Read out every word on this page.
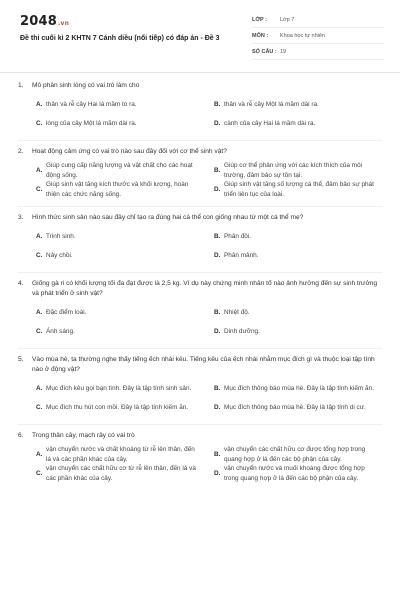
2048.vn
Đề thi cuối kì 2 KHTN 7 Cánh diều (nối tiếp) có đáp án - Đề 3
LỚP :	Lớp 7
MÔN :	Khoa học tự nhiên
SỐ CÂU : 19
1.	Mô phân sinh lóng có vai trò làm cho
A. thân và rễ cây Hai lá mầm to ra.	B. thân và rễ cây Một lá mầm dài ra.
C. lóng của cây Một lá mầm dài ra.	D. cành của cây Hai lá mầm dài ra.
2.	Hoạt động cảm ứng có vai trò nào sau đây đối với cơ thể sinh vật?
A.
Giúp cung cấp năng lượng và vật chất cho các hoạt động sống.
B.
Giúp cơ thể phản ứng với các kích thích của môi trường, đảm bảo sự tồn tại.
C.
Giúp sinh vật tăng kích thước và khối lượng, hoàn thiện các chức năng sống.
D.
Giúp sinh vật tăng số lượng cá thể, đảm bảo sự phát triển liên tục của loài.
3.	Hình thức sinh sản nào sau đây chỉ tạo ra đúng hai cá thể con giống nhau từ một cá thể mẹ?
A. Trinh sinh.	B. Phân đôi.
C. Nảy chồi.	D. Phân mảnh.
4.	Giống gà ri có khối lượng tối đa đạt được là 2,5 kg. Ví dụ này chứng minh nhân tố nào ảnh hưởng đến sự sinh trưởng và phát triển ở sinh vật?
A. Đặc điểm loài.	B. Nhiệt độ.
C. Ánh sáng.	D. Dinh dưỡng.
5.	Vào mùa hè, ta thường nghe thấy tiếng ếch nhái kêu. Tiếng kêu của ếch nhái nhằm mục đích gì và thuộc loại tập tính nào ở động vật?
A. Mục đích kêu gọi bạn tình. Đây là tập tính sinh sản.	B. Mục đích thông báo mùa hè. Đây là tập tính kiếm ăn.
C. Mục đích thu hút con mồi. Đây là tập tính kiếm ăn.	D. Mục đích thông báo mùa hè. Đây là tập tính di cư.
6.	Trong thân cây, mạch rây có vai trò
A.
vận chuyển nước và chất khoáng từ rễ lên thân, đến lá và các phần khác của cây.
B.
vận chuyển các chất hữu cơ được tổng hợp trong quang hợp ở lá đến các bộ phận của cây.
C.
vận chuyển các chất hữu cơ từ rễ lên thân, đến lá và các phần khác của cây.
D.
vận chuyển nước và muối khoáng được tổng hợp trong quang hợp ở lá đến các bộ phận của cây.
